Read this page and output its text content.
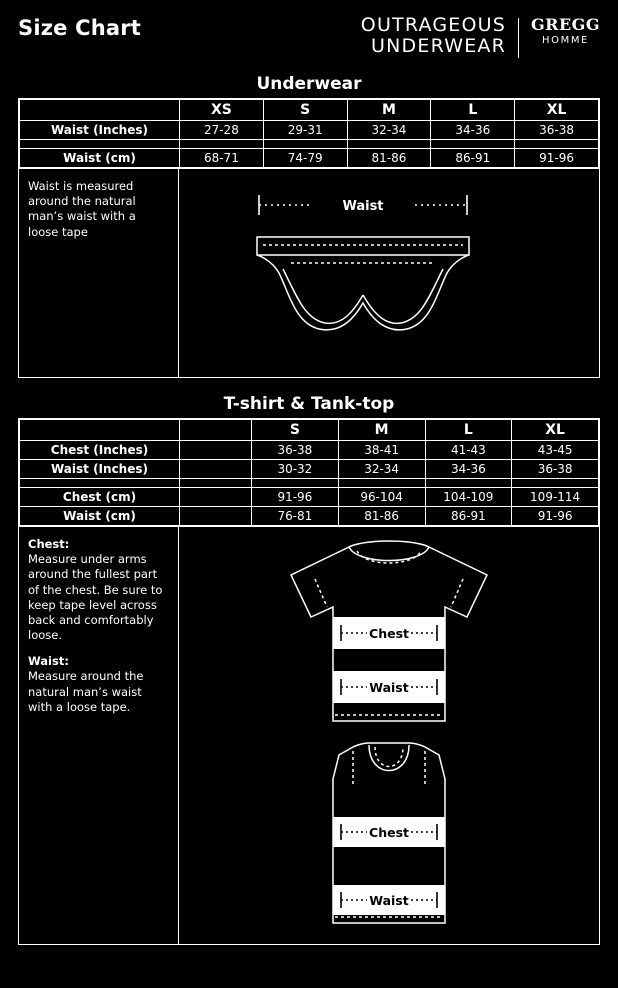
Size Chart	OUTRAGEOUS
UNDERWEAR
GREGG
HOMME
Underwear
	XS	S	M	L	XL
Waist (Inches)	27-28	29-31	32-34	34-36	36-38

Waist (cm)	68-71	74-79	81-86	86-91	91-96

Waist is measured around the natural man’s waist with a loose tape

Waist
T-shirt & Tank-top
		S	M	L	XL
Chest (Inches)		36-38	38-41	41-43	43-45
Waist (Inches)		30-32	32-34	34-36	36-38

Chest (cm)		91-96	96-104	104-109	109-114
Waist (cm)		76-81	81-86	86-91	91-96
Chest:

Measure under arms around the fullest part of the chest. Be sure to keep tape level across back and comfortably loose.

Waist:

Measure around the natural man’s waist with a loose tape.

Chest
Waist
Chest
Waist
